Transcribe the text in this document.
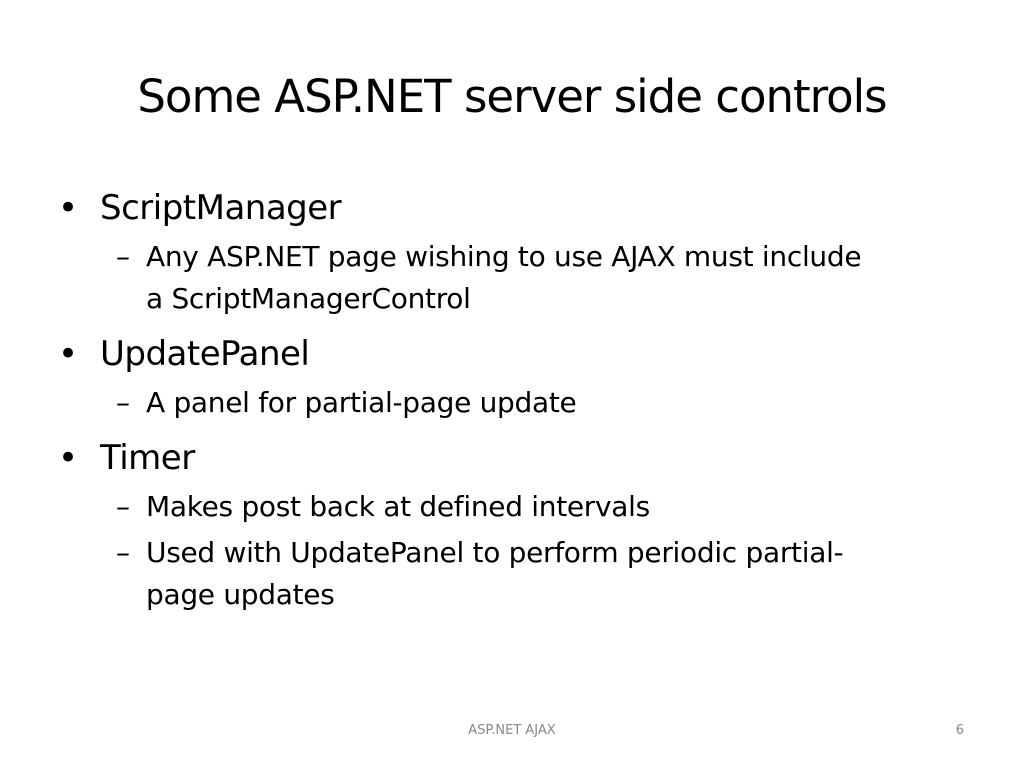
Some ASP.NET server side controls
• ScriptManager
– Any ASP.NET page wishing to use AJAX must include a ScriptManagerControl
• UpdatePanel
– A panel for partial-page update
• Timer
– Makes post back at defined intervals
– Used with UpdatePanel to perform periodic partial-page updates
ASP.NET AJAX	6
